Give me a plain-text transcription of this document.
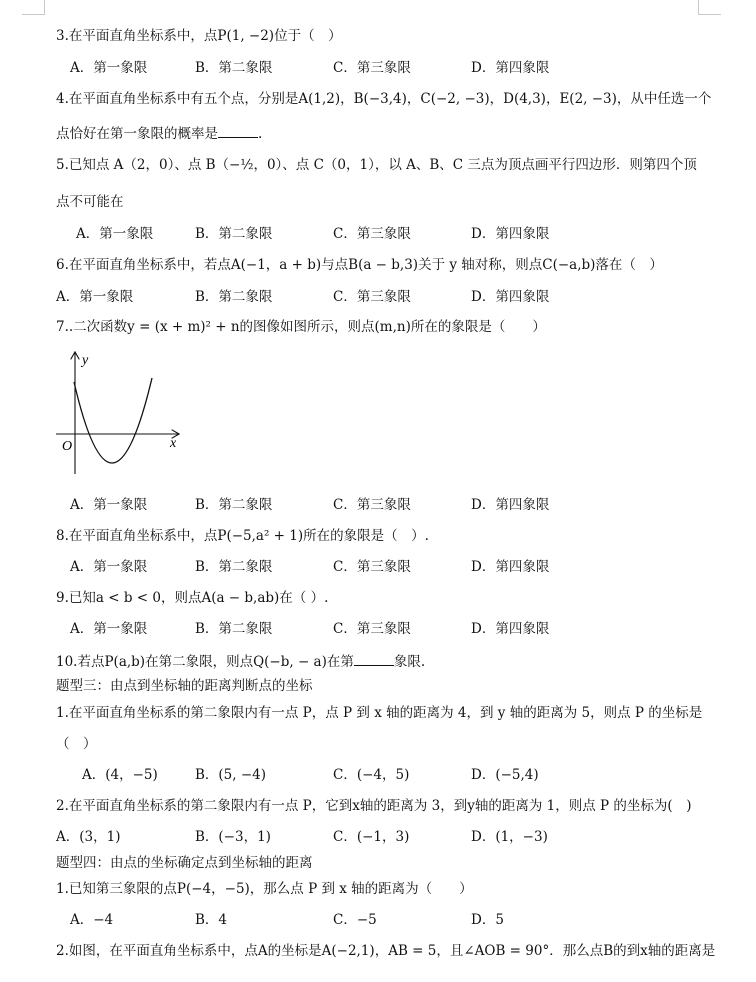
3.在平面直角坐标系中，点P(1, −2)位于（　）
A．第一象限	B．第二象限	C．第三象限	D．第四象限
4.在平面直角坐标系中有五个点，分别是A(1,2)，B(−3,4)，C(−2, −3)，D(4,3)，E(2, −3)，从中任选一个
点恰好在第一象限的概率是	.
5.已知点 A（2，0）、点 B（−½，0）、点 C（0，1），以 A、B、C 三点为顶点画平行四边形．则第四个顶
点不可能在
A．第一象限	B．第二象限	C．第三象限	D．第四象限
6.在平面直角坐标系中，若点A(−1，a + b)与点B(a − b,3)关于 y 轴对称，则点C(−a,b)落在（　）
A．第一象限	B．第二象限	C．第三象限	D．第四象限
7..二次函数y = (x + m)² + n的图像如图所示，则点(m,n)所在的象限是（　　）
y
x
O
A．第一象限	B．第二象限	C．第三象限	D．第四象限
8.在平面直角坐标系中，点P(−5,a² + 1)所在的象限是（　）.
A．第一象限	B．第二象限	C．第三象限	D．第四象限
9.已知a < b < 0，则点A(a − b,ab)在（ ）.
A．第一象限	B．第二象限	C．第三象限	D．第四象限
10.若点P(a,b)在第二象限，则点Q(−b, − a)在第	象限.
题型三：由点到坐标轴的距离判断点的坐标
1.在平面直角坐标系的第二象限内有一点 P，点 P 到 x 轴的距离为 4，到 y 轴的距离为 5，则点 P 的坐标是
（　）
A．(4，−5)	B．(5, −4)	C．(−4，5)	D．(−5,4)
2.在平面直角坐标系的第二象限内有一点 P，它到x轴的距离为 3，到y轴的距离为 1，则点 P 的坐标为(　)
A．(3，1)	B．(−3，1)	C．(−1，3)	D．(1，−3)
题型四：由点的坐标确定点到坐标轴的距离
1.已知第三象限的点P(−4，−5)，那么点 P 到 x 轴的距离为（　　）
A．−4	B．4	C．−5	D．5
2.如图，在平面直角坐标系中，点A的坐标是A(−2,1)，AB = 5，且∠AOB = 90°．那么点B的到x轴的距离是
